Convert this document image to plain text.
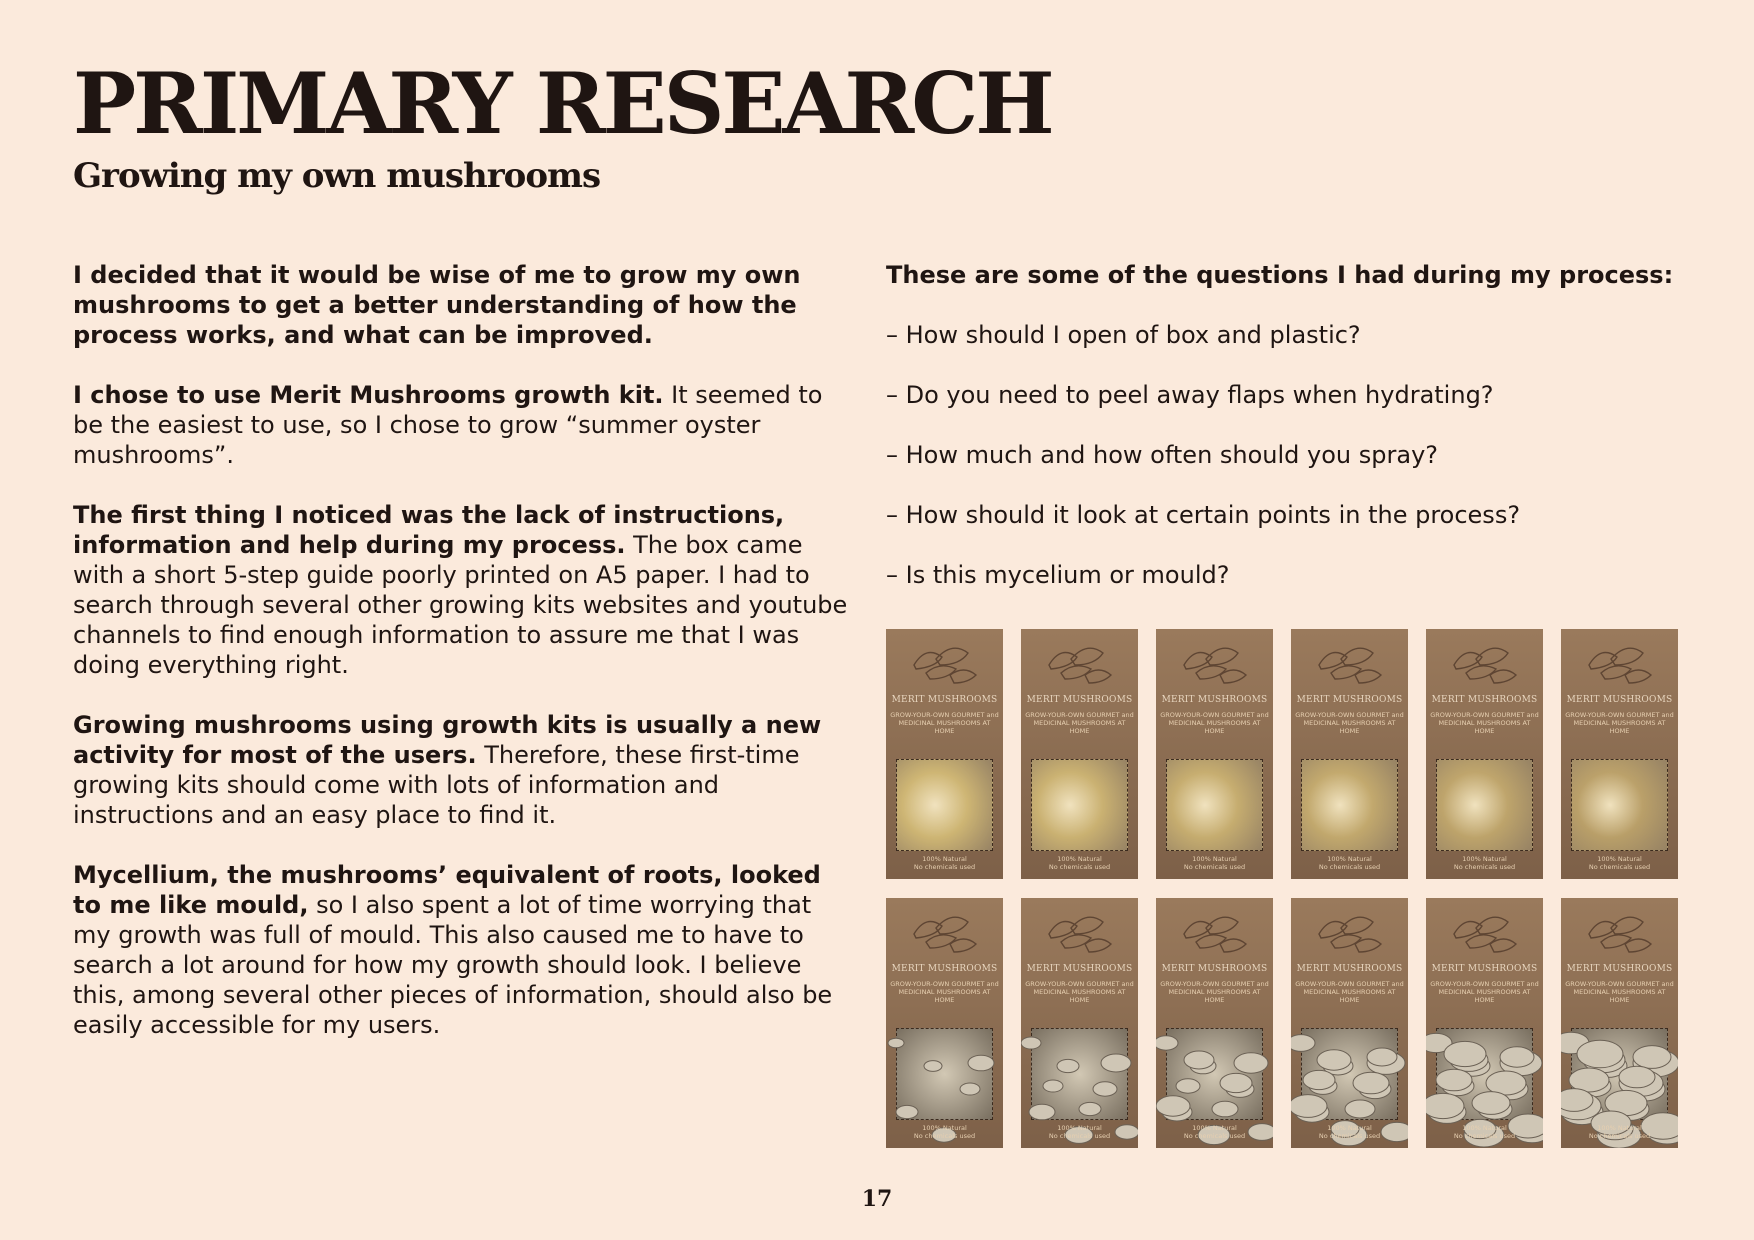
PRIMARY RESEARCH
Growing my own mushrooms

I decided that it would be wise of me to grow my own mushrooms to get a better understanding of how the process works, and what can be improved.

I chose to use Merit Mushrooms growth kit. It seemed to be the easiest to use, so I chose to grow “summer oyster mushrooms”.

The first thing I noticed was the lack of instructions, information and help during my process. The box came with a short 5-step guide poorly printed on A5 paper. I had to search through several other growing kits websites and youtube channels to find enough information to assure me that I was doing everything right.

Growing mushrooms using growth kits is usually a new activity for most of the users. Therefore, these first-time growing kits should come with lots of information and instructions and an easy place to find it.

Mycellium, the mushrooms’ equivalent of roots, looked to me like mould, so I also spent a lot of time worrying that my growth was full of mould. This also caused me to have to search a lot around for how my growth should look. I believe this, among several other pieces of information, should also be easily accessible for my users.

These are some of the questions I had during my process:

– How should I open of box and plastic?
– Do you need to peel away flaps when hydrating?
– How much and how often should you spray?
– How should it look at certain points in the process?
– Is this mycelium or mould?
MERIT MUSHROOMS
GROW-YOUR-OWN GOURMET and MEDICINAL MUSHROOMS AT HOME
100% Natural
No chemicals used
MERIT MUSHROOMS
GROW-YOUR-OWN GOURMET and MEDICINAL MUSHROOMS AT HOME
100% Natural
No chemicals used
MERIT MUSHROOMS
GROW-YOUR-OWN GOURMET and MEDICINAL MUSHROOMS AT HOME
100% Natural
No chemicals used
MERIT MUSHROOMS
GROW-YOUR-OWN GOURMET and MEDICINAL MUSHROOMS AT HOME
100% Natural
No chemicals used
MERIT MUSHROOMS
GROW-YOUR-OWN GOURMET and MEDICINAL MUSHROOMS AT HOME
100% Natural
No chemicals used
MERIT MUSHROOMS
GROW-YOUR-OWN GOURMET and MEDICINAL MUSHROOMS AT HOME
100% Natural
No chemicals used
MERIT MUSHROOMS
GROW-YOUR-OWN GOURMET and MEDICINAL MUSHROOMS AT HOME
100% Natural
No chemicals used
MERIT MUSHROOMS
GROW-YOUR-OWN GOURMET and MEDICINAL MUSHROOMS AT HOME
100% Natural
No chemicals used
MERIT MUSHROOMS
GROW-YOUR-OWN GOURMET and MEDICINAL MUSHROOMS AT HOME
100% Natural
No chemicals used
MERIT MUSHROOMS
GROW-YOUR-OWN GOURMET and MEDICINAL MUSHROOMS AT HOME
100% Natural
No chemicals used
MERIT MUSHROOMS
GROW-YOUR-OWN GOURMET and MEDICINAL MUSHROOMS AT HOME
100% Natural
No chemicals used
MERIT MUSHROOMS
GROW-YOUR-OWN GOURMET and MEDICINAL MUSHROOMS AT HOME
100% Natural
No chemicals used
17
